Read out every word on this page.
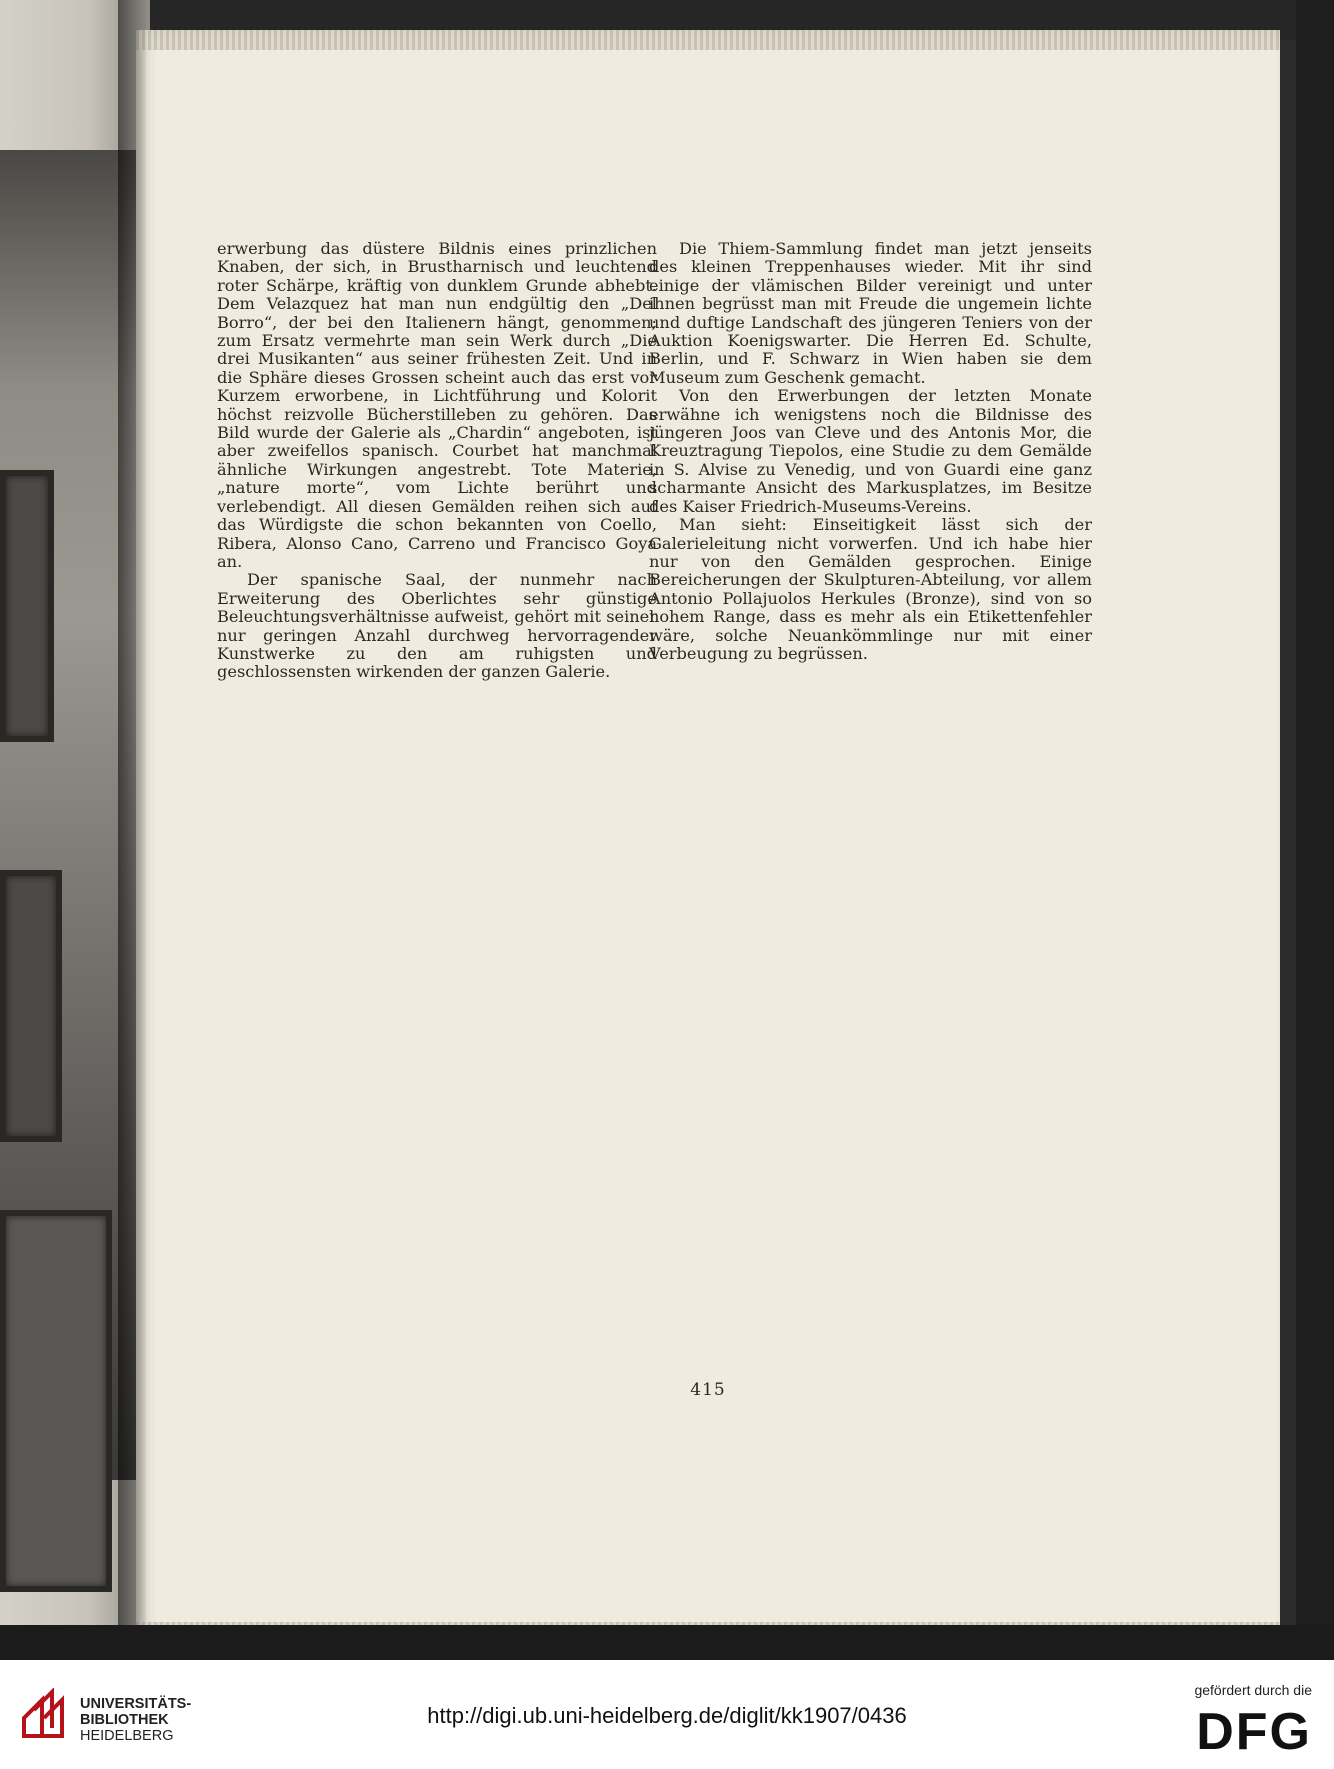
erwerbung das düstere Bildnis eines prinzlichen Knaben, der sich, in Brustharnisch und leuchtend roter Schärpe, kräftig von dunklem Grunde abhebt. Dem Velazquez hat man nun endgültig den „Del Borro“, der bei den Italienern hängt, genommen; zum Ersatz vermehrte man sein Werk durch „Die drei Musikanten“ aus seiner frühesten Zeit. Und in die Sphäre dieses Grossen scheint auch das erst vor Kurzem erworbene, in Lichtführung und Kolorit höchst reizvolle Bücherstilleben zu gehören. Das Bild wurde der Galerie als „Chardin“ angeboten, ist aber zweifellos spanisch. Courbet hat manchmal ähnliche Wirkungen angestrebt. Tote Materie, „nature morte“, vom Lichte berührt und verlebendigt. All diesen Gemälden reihen sich auf das Würdigste die schon bekannten von Coello, Ribera, Alonso Cano, Carreno und Francisco Goya an.

Der spanische Saal, der nunmehr nach Erweiterung des Oberlichtes sehr günstige Beleuchtungsverhältnisse aufweist, gehört mit seiner nur geringen Anzahl durchweg hervorragender Kunstwerke zu den am ruhigsten und geschlossensten wirkenden der ganzen Galerie.

Die Thiem-Sammlung findet man jetzt jenseits des kleinen Treppenhauses wieder. Mit ihr sind einige der vlämischen Bilder vereinigt und unter ihnen begrüsst man mit Freude die ungemein lichte und duftige Landschaft des jüngeren Teniers von der Auktion Koenigswarter. Die Herren Ed. Schulte, Berlin, und F. Schwarz in Wien haben sie dem Museum zum Geschenk gemacht.

Von den Erwerbungen der letzten Monate erwähne ich wenigstens noch die Bildnisse des jüngeren Joos van Cleve und des Antonis Mor, die Kreuztragung Tiepolos, eine Studie zu dem Gemälde in S. Alvise zu Venedig, und von Guardi eine ganz scharmante Ansicht des Markusplatzes, im Besitze des Kaiser Friedrich-Museums-Vereins.

Man sieht: Einseitigkeit lässt sich der Galerieleitung nicht vorwerfen. Und ich habe hier nur von den Gemälden gesprochen. Einige Bereicherungen der Skulpturen-Abteilung, vor allem Antonio Pollajuolos Herkules (Bronze), sind von so hohem Range, dass es mehr als ein Etikettenfehler wäre, solche Neuankömmlinge nur mit einer Verbeugung zu begrüssen.

415
UNIVERSITÄTS-
BIBLIOTHEK
HEIDELBERG
http://digi.ub.uni-heidelberg.de/diglit/kk1907/0436
gefördert durch die
DFG
